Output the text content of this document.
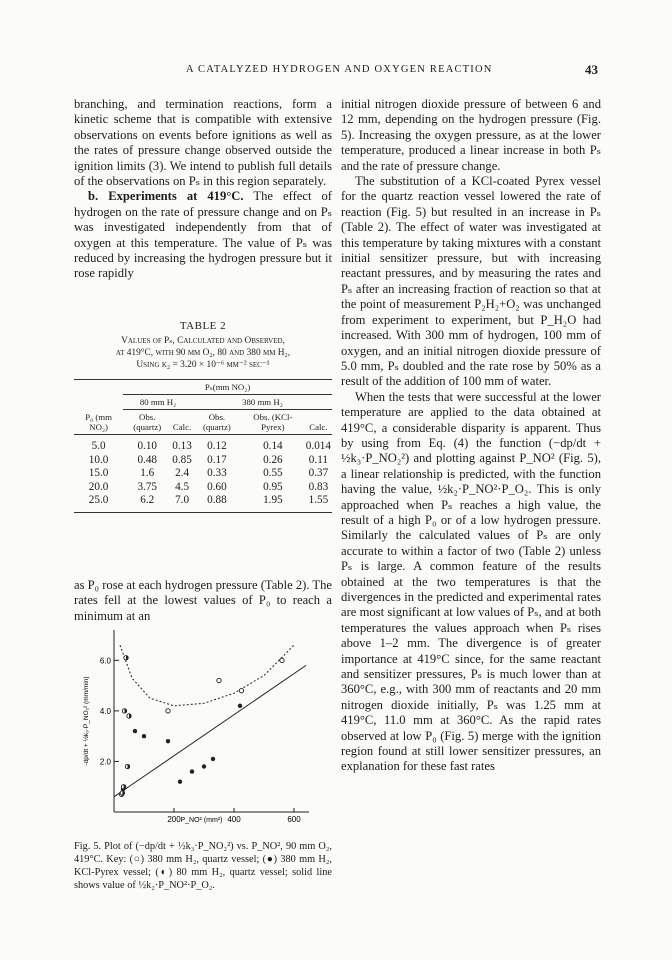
A CATALYZED HYDROGEN AND OXYGEN REACTION	43

branching, and termination reactions, form a kinetic scheme that is compatible with extensive observations on events before ignitions as well as the rates of pressure change observed outside the ignition limits (3). We intend to publish full details of the observations on Pₛ in this region separately.

b. Experiments at 419°C. The effect of hydrogen on the rate of pressure change and on Pₛ was investigated independently from that of oxygen at this temperature. The value of Pₛ was reduced by increasing the hydrogen pressure but it rose rapidly

TABLE 2
Values of Pₛ, Calculated and Observed,
at 419°C, with 90 mm O₂, 80 and 380 mm H₂,
Using k₂ = 3.20 × 10⁻⁶ mm⁻² sec⁻¹
P₀ (mm NO₂)	Pₛ(mm NO₂)				
	80 mm H₂		380 mm H₂		
	Obs. (quartz)	Calc.	Obs. (quartz)	Obs. (KCl-Pyrex)	Calc.
5.0	0.10	0.13	0.12	0.14	0.014
10.0	0.48	0.85	0.17	0.26	0.11
15.0	1.6	2.4	0.33	0.55	0.37
20.0	3.75	4.5	0.60	0.95	0.83
25.0	6.2	7.0	0.88	1.95	1.55

as P₀ rose at each hydrogen pressure (Table 2). The rates fell at the lowest values of P₀ to reach a minimum at an

2.0
4.0
6.0
200	400	600
P_NO² (mm²)
-dp/dt + ½k₃·P_NO₂² (mm/min)
Fig. 5. Plot of (−dp/dt + ½k₃·P_NO₂²) vs. P_NO², 90 mm O₂, 419°C. Key: (○) 380 mm H₂, quartz vessel; (●) 380 mm H₂, KCl-Pyrex vessel; (◐) 80 mm H₂, quartz vessel; solid line shows value of ½k₂·P_NO²·P_O₂.

initial nitrogen dioxide pressure of between 6 and 12 mm, depending on the hydrogen pressure (Fig. 5). Increasing the oxygen pressure, as at the lower temperature, produced a linear increase in both Pₛ and the rate of pressure change.

The substitution of a KCl-coated Pyrex vessel for the quartz reaction vessel lowered the rate of reaction (Fig. 5) but resulted in an increase in Pₛ (Table 2). The effect of water was investigated at this temperature by taking mixtures with a constant initial sensitizer pressure, but with increasing reactant pressures, and by measuring the rates and Pₛ after an increasing fraction of reaction so that at the point of measurement P₂H₂+O₂ was unchanged from experiment to experiment, but P_H₂O had increased. With 300 mm of hydrogen, 100 mm of oxygen, and an initial nitrogen dioxide pressure of 5.0 mm, Pₛ doubled and the rate rose by 50% as a result of the addition of 100 mm of water.

When the tests that were successful at the lower temperature are applied to the data obtained at 419°C, a considerable disparity is apparent. Thus by using from Eq. (4) the function (−dp/dt + ½k₃·P_NO₂²) and plotting against P_NO² (Fig. 5), a linear relationship is predicted, with the function having the value, ½k₂·P_NO²·P_O₂. This is only approached when Pₛ reaches a high value, the result of a high P₀ or of a low hydrogen pressure. Similarly the calculated values of Pₛ are only accurate to within a factor of two (Table 2) unless Pₛ is large. A common feature of the results obtained at the two temperatures is that the divergences in the predicted and experimental rates are most significant at low values of Pₛ, and at both temperatures the values approach when Pₛ rises above 1–2 mm. The divergence is of greater importance at 419°C since, for the same reactant and sensitizer pressures, Pₛ is much lower than at 360°C, e.g., with 300 mm of reactants and 20 mm nitrogen dioxide initially, Pₛ was 1.25 mm at 419°C, 11.0 mm at 360°C. As the rapid rates observed at low P₀ (Fig. 5) merge with the ignition region found at still lower sensitizer pressures, an explanation for these fast rates
